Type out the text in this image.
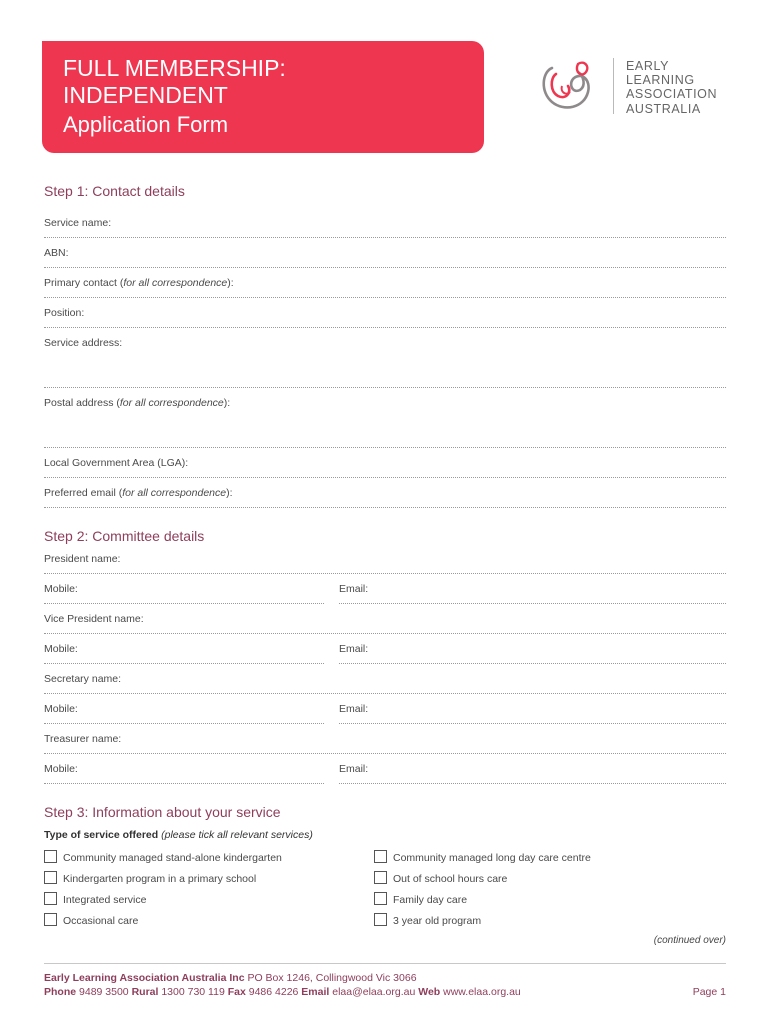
FULL MEMBERSHIP:
INDEPENDENT
Application Form
EARLY
LEARNING
ASSOCIATION
AUSTRALIA
Step 1: Contact details
Service name:
ABN:
Primary contact (for all correspondence):
Position:
Service address:
Postal address (for all correspondence):
Local Government Area (LGA):
Preferred email (for all correspondence):
Step 2: Committee details
President name:
Mobile:	Email:
Vice President name:
Mobile:	Email:
Secretary name:
Mobile:	Email:
Treasurer name:
Mobile:	Email:
Step 3: Information about your service
Type of service offered (please tick all relevant services)
Community managed stand-alone kindergarten
Kindergarten program in a primary school
Integrated service
Occasional care
Community managed long day care centre
Out of school hours care
Family day care
3 year old program
(continued over)
Early Learning Association Australia Inc PO Box 1246, Collingwood Vic 3066
Phone 9489 3500 Rural 1300 730 119 Fax 9486 4226 Email elaa@elaa.org.au Web www.elaa.org.au	Page 1
